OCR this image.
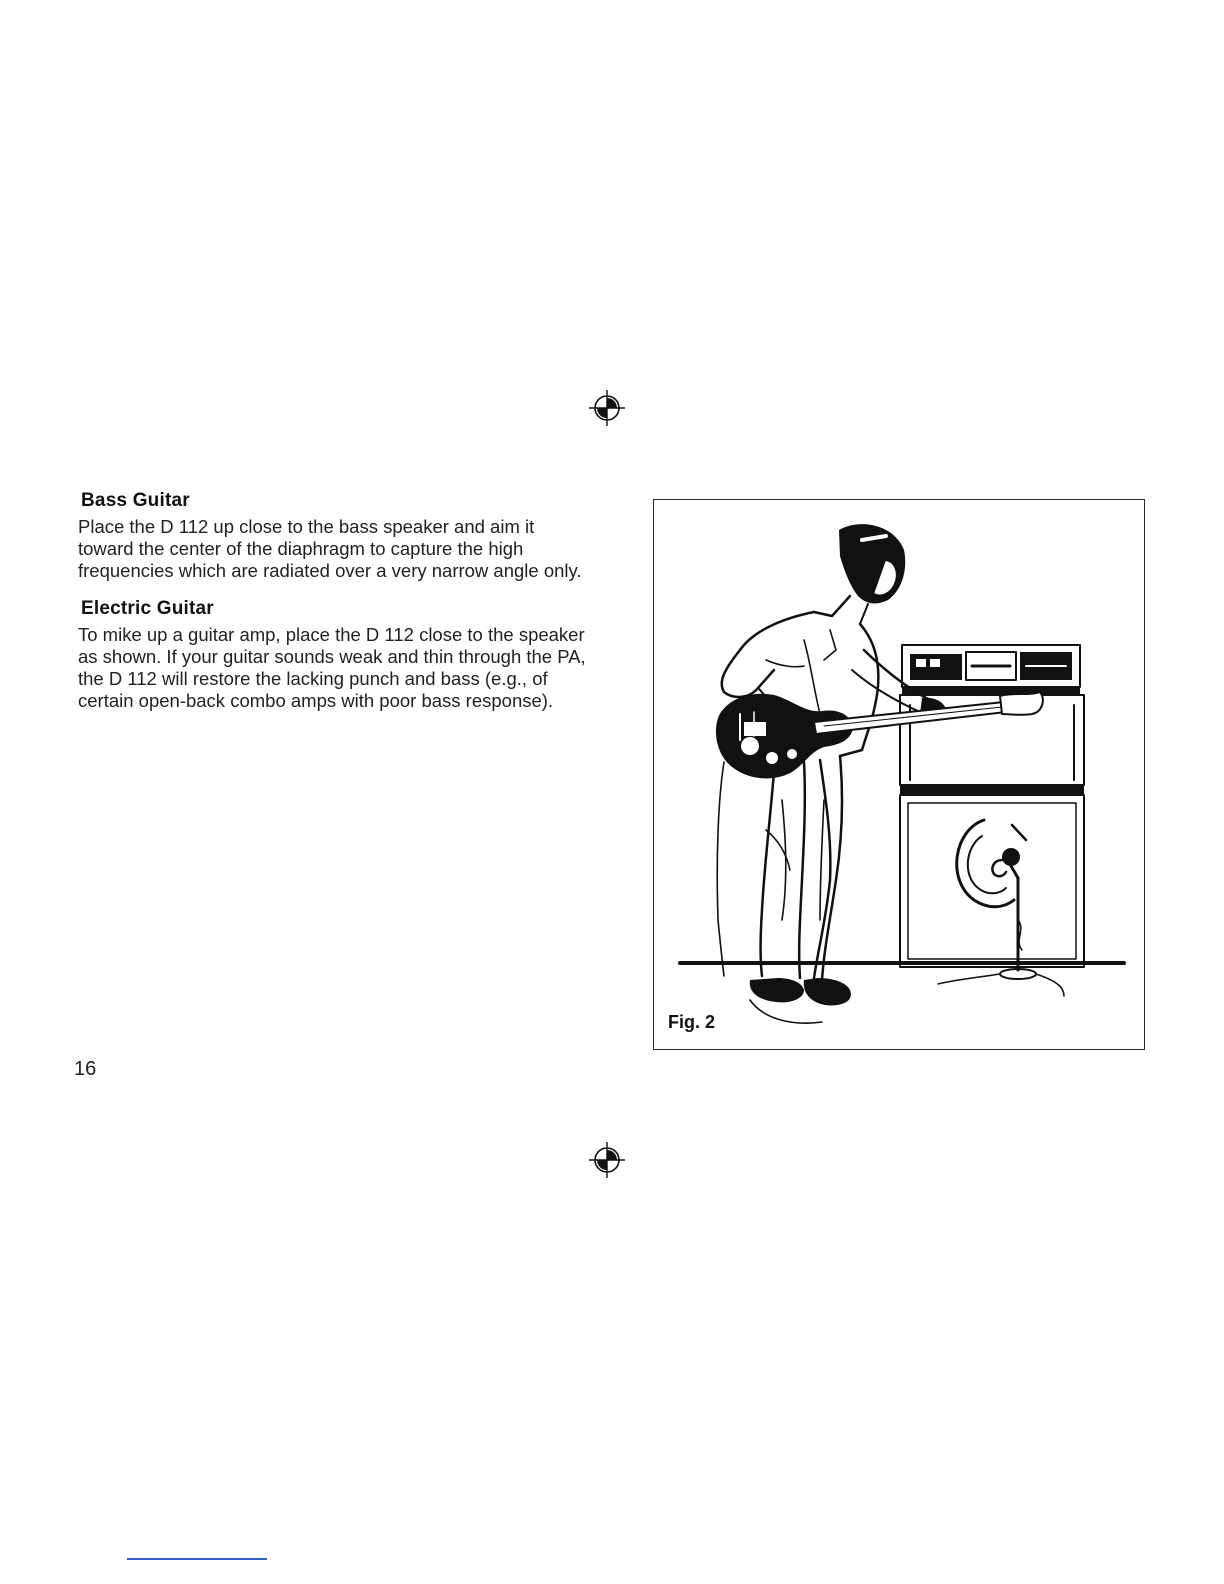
Bass Guitar

Place the D 112 up close to the bass speaker and aim it toward the center of the diaphragm to capture the high frequencies which are radiated over a very narrow angle only.

Electric Guitar

To mike up a guitar amp, place the D 112 close to the speaker as shown. If your guitar sounds weak and thin through the PA, the D 112 will restore the lacking punch and bass (e.g., of certain open-back combo amps with poor bass response).

Fig. 2
16
